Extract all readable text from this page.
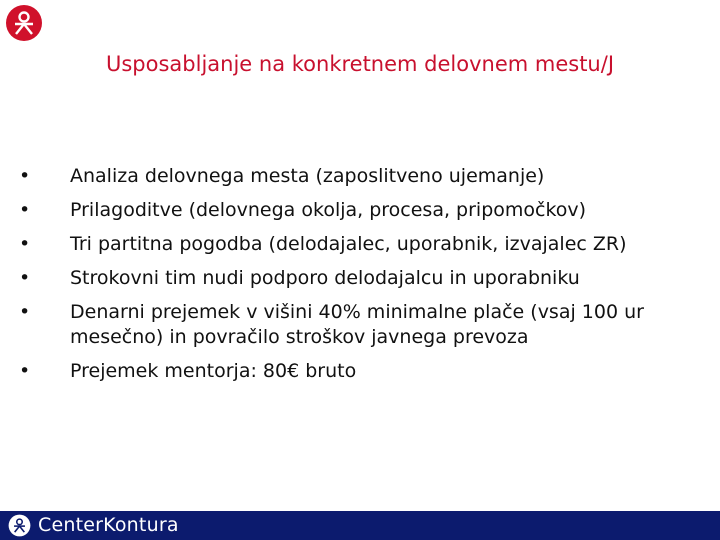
Usposabljanje na konkretnem delovnem mestu/J
• Analiza delovnega mesta (zaposlitveno ujemanje)
• Prilagoditve (delovnega okolja, procesa, pripomočkov)
• Tri partitna pogodba (delodajalec, uporabnik, izvajalec ZR)
• Strokovni tim nudi podporo delodajalcu in uporabniku
• Denarni prejemek v višini 40% minimalne plače (vsaj 100 ur mesečno) in povračilo stroškov javnega prevoza
• Prejemek mentorja: 80€ bruto
CenterKontura
